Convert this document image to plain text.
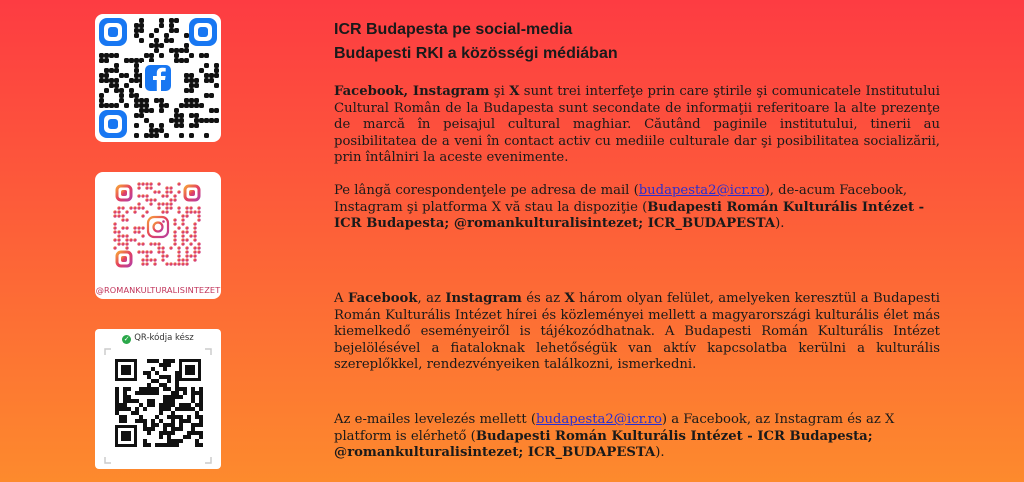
@ROMANKULTURALISINTEZET
✓ QR-kódja kész
ICR Budapesta pe social-media
Budapesti RKI a közösségi médiában
Facebook, Instagram şi X sunt trei interfeţe prin care ştirile şi comunicatele Institutului Cultural Român de la Budapesta sunt secondate de informaţii referitoare la alte prezenţe de marcă în peisajul cultural maghiar. Căutând paginile institutului, tinerii au posibilitatea de a veni în contact activ cu mediile culturale dar şi posibilitatea socializării, prin întâlniri la aceste evenimente.
Pe lângă corespondenţele pe adresa de mail (budapesta2@icr.ro), de-acum Facebook, Instagram şi platforma X vă stau la dispoziţie (Budapesti Román Kulturális Intézet - ICR Budapesta; @romankulturalisintezet; ICR_BUDAPESTA).
A Facebook, az Instagram és az X három olyan felület, amelyeken keresztül a Budapesti Román Kulturális Intézet hírei és közleményei mellett a magyarországi kulturális élet más kiemelkedő eseményeiről is tájékozódhatnak. A Budapesti Román Kulturális Intézet bejelölésével a fiataloknak lehetőségük van aktív kapcsolatba kerülni a kulturális szereplőkkel, rendezvényeiken találkozni, ismerkedni.
Az e-mailes levelezés mellett (budapesta2@icr.ro) a Facebook, az Instagram és az X platform is elérhető (Budapesti Román Kulturális Intézet - ICR Budapesta; @romankulturalisintezet; ICR_BUDAPESTA).
